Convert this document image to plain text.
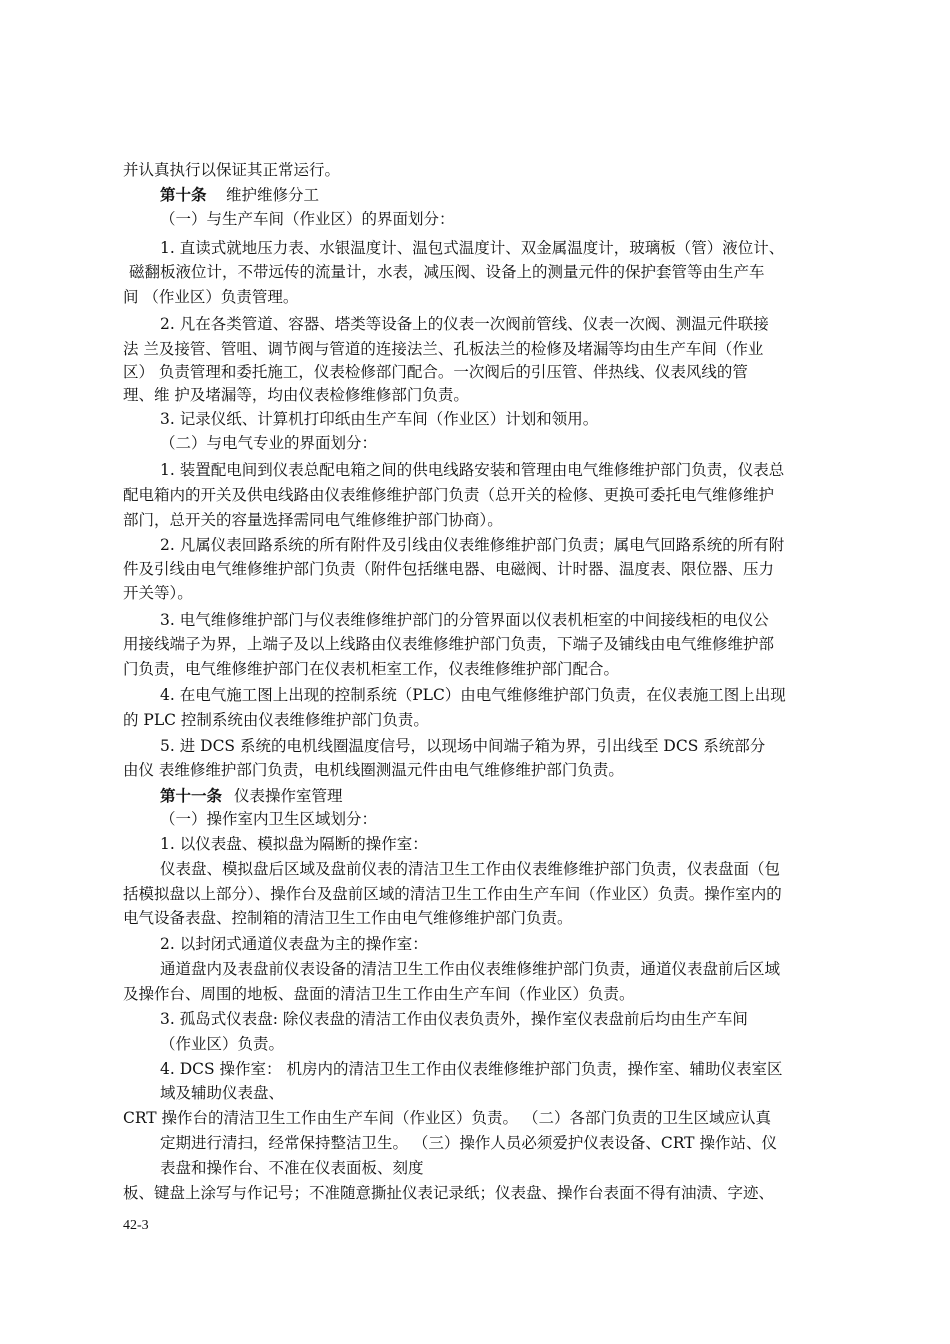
并认真执行以保证其正常运行。
第十条 维护维修分工
（一）与生产车间（作业区）的界面划分：
1. 直读式就地压力表、水银温度计、温包式温度计、双金属温度计，玻璃板（管）液位计、
磁翻板液位计，不带远传的流量计，水表，减压阀、设备上的测量元件的保护套管等由生产车
间 （作业区）负责管理。
2. 凡在各类管道、容器、塔类等设备上的仪表一次阀前管线、仪表一次阀、测温元件联接
法 兰及接管、管咀、调节阀与管道的连接法兰、孔板法兰的检修及堵漏等均由生产车间（作业
区） 负责管理和委托施工，仪表检修部门配合。一次阀后的引压管、伴热线、仪表风线的管
理、维 护及堵漏等，均由仪表检修维修部门负责。
3. 记录仪纸、计算机打印纸由生产车间（作业区）计划和领用。
（二）与电气专业的界面划分：
1. 装置配电间到仪表总配电箱之间的供电线路安装和管理由电气维修维护部门负责，仪表总
配电箱内的开关及供电线路由仪表维修维护部门负责（总开关的检修、更换可委托电气维修维护
部门，总开关的容量选择需同电气维修维护部门协商）。
2. 凡属仪表回路系统的所有附件及引线由仪表维修维护部门负责；属电气回路系统的所有附
件及引线由电气维修维护部门负责（附件包括继电器、电磁阀、计时器、温度表、限位器、压力
开关等）。
3. 电气维修维护部门与仪表维修维护部门的分管界面以仪表机柜室的中间接线柜的电仪公
用接线端子为界，上端子及以上线路由仪表维修维护部门负责，下端子及铺线由电气维修维护部
门负责，电气维修维护部门在仪表机柜室工作，仪表维修维护部门配合。
4. 在电气施工图上出现的控制系统（PLC）由电气维修维护部门负责，在仪表施工图上出现
的 PLC 控制系统由仪表维修维护部门负责。
5. 进 DCS 系统的电机线圈温度信号，以现场中间端子箱为界，引出线至 DCS 系统部分
由仪 表维修维护部门负责，电机线圈测温元件由电气维修维护部门负责。
第十一条 仪表操作室管理
（一）操作室内卫生区域划分：
1. 以仪表盘、模拟盘为隔断的操作室：
仪表盘、模拟盘后区域及盘前仪表的清洁卫生工作由仪表维修维护部门负责，仪表盘面（包
括模拟盘以上部分）、操作台及盘前区域的清洁卫生工作由生产车间（作业区）负责。操作室内的
电气设备表盘、控制箱的清洁卫生工作由电气维修维护部门负责。
2. 以封闭式通道仪表盘为主的操作室：
通道盘内及表盘前仪表设备的清洁卫生工作由仪表维修维护部门负责，通道仪表盘前后区域
及操作台、周围的地板、盘面的清洁卫生工作由生产车间（作业区）负责。
3. 孤岛式仪表盘: 除仪表盘的清洁工作由仪表负责外，操作室仪表盘前后均由生产车间
（作业区）负责。
4. DCS 操作室： 机房内的清洁卫生工作由仪表维修维护部门负责，操作室、辅助仪表室区
域及辅助仪表盘、
CRT 操作台的清洁卫生工作由生产车间（作业区）负责。 （二）各部门负责的卫生区域应认真
定期进行清扫，经常保持整洁卫生。 （三）操作人员必须爱护仪表设备、CRT 操作站、仪
表盘和操作台、不准在仪表面板、刻度
板、键盘上涂写与作记号；不准随意撕扯仪表记录纸；仪表盘、操作台表面不得有油渍、字迹、
42-3
